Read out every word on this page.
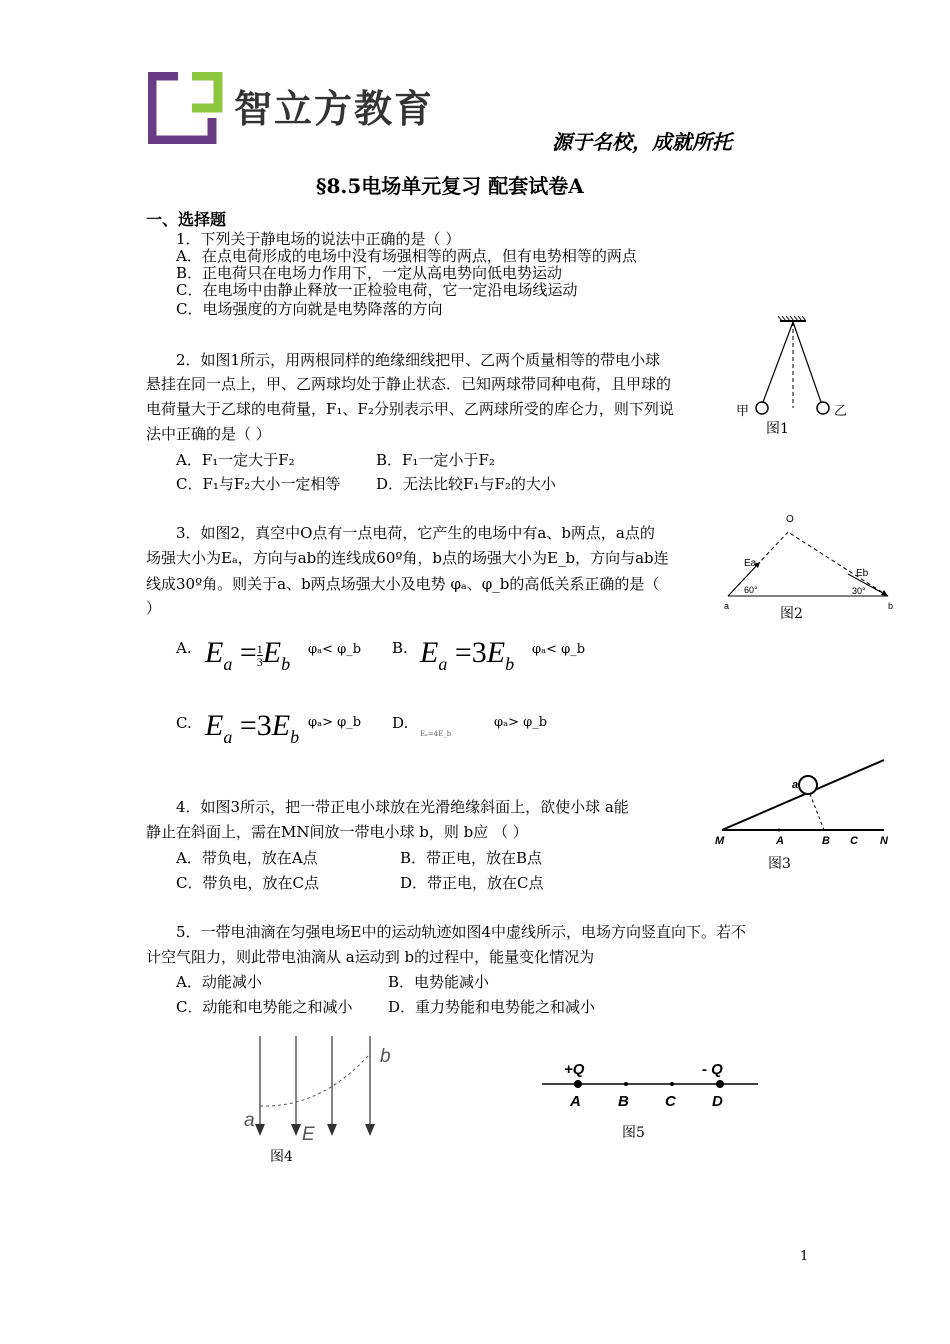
智立方教育
源于名校，成就所托
§8.5电场单元复习 配套试卷A
一、选择题
1．下列关于静电场的说法中正确的是（ ）
A．在点电荷形成的电场中没有场强相等的两点，但有电势相等的两点
B．正电荷只在电场力作用下，一定从高电势向低电势运动
C．在电场中由静止释放一正检验电荷，它一定沿电场线运动
C．电场强度的方向就是电势降落的方向
2．如图1所示，用两根同样的绝缘细线把甲、乙两个质量相等的带电小球
悬挂在同一点上，甲、乙两球均处于静止状态．已知两球带同种电荷，且甲球的
电荷量大于乙球的电荷量，F₁、F₂分别表示甲、乙两球所受的库仑力，则下列说
法中正确的是（ ）
A．F₁一定大于F₂	B．F₁一定小于F₂
C．F₁与F₂大小一定相等 D．无法比较F₁与F₂的大小
甲	乙
图1
3．如图2，真空中O点有一点电荷，它产生的电场中有a、b两点，a点的
场强大小为Eₐ，方向与ab的连线成60º角，b点的场强大小为E_b，方向与ab连
线成30º角。则关于a、b两点场强大小及电势 φₐ、φ_b的高低关系正确的是（
）
O
Ea
Eb
60°	30°
a	b
图2
A. $E_a = \frac{1}{3} E_b$
φₐ< φ_b B. $E_a =3E_b$
φₐ< φ_b
C. $E_a =3E_b$
φₐ> φ_b D.
Eₐ=4E_b
φₐ> φ_b
4．如图3所示，把一带正电小球放在光滑绝缘斜面上，欲使小球 a能
静止在斜面上，需在MN间放一带电小球 b，则 b应 （ ）
A．带负电，放在A点	B．带正电，放在B点
C．带负电，放在C点	D．带正电，放在C点
M	A	B C N
a
图3
5．一带电油滴在匀强电场E中的运动轨迹如图4中虚线所示，电场方向竖直向下。若不
计空气阻力，则此带电油滴从 a运动到 b的过程中，能量变化情况为
A．动能减小	B．电势能减小
C．动能和电势能之和减小 D．重力势能和电势能之和减小
a
b
E
图4
+Q	- Q
A B C D
图5
1
